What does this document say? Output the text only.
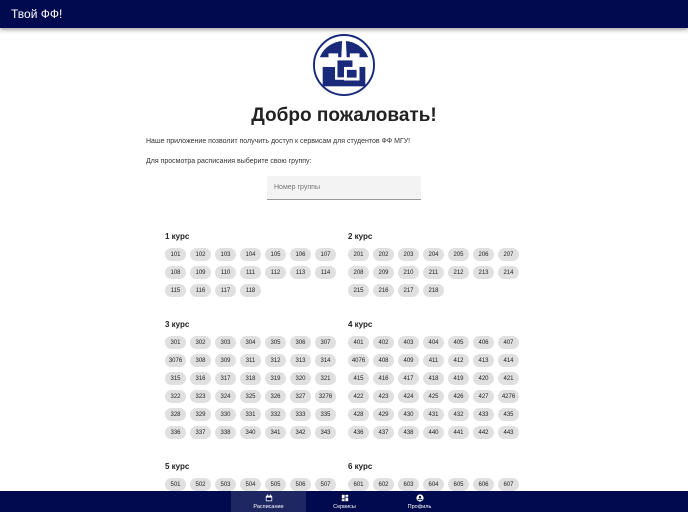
Твой ФФ!
Добро пожаловать!

Наше приложение позволит получить доступ к сервисам для студентов ФФ МГУ!

Для просмотра расписания выберите свою группу:

Номер группы
1 курс
101	102	103	104	105	106	107
108	109	110	111	112	113	114
115	116	117	118
2 курс
201	202	203	204	205	206	207
208	209	210	211	212	213	214
215	216	217	218
3 курс
301	302	303	304	305	306	307
3076	308	309	311	312	313	314
315	316	317	318	319	320	321
322	323	324	325	326	327	3276
328	329	330	331	332	333	335
336	337	338	340	341	342	343
4 курс
401	402	403	404	405	406	407
4076	408	409	411	412	413	414
415	416	417	418	419	420	421
422	423	424	425	426	427	4276
428	429	430	431	432	433	435
436	437	438	440	441	442	443
5 курс
501	502	503	504	505	506	507
6 курс
601	602	603	604	605	606	607
Расписание	Сервисы	Профиль
